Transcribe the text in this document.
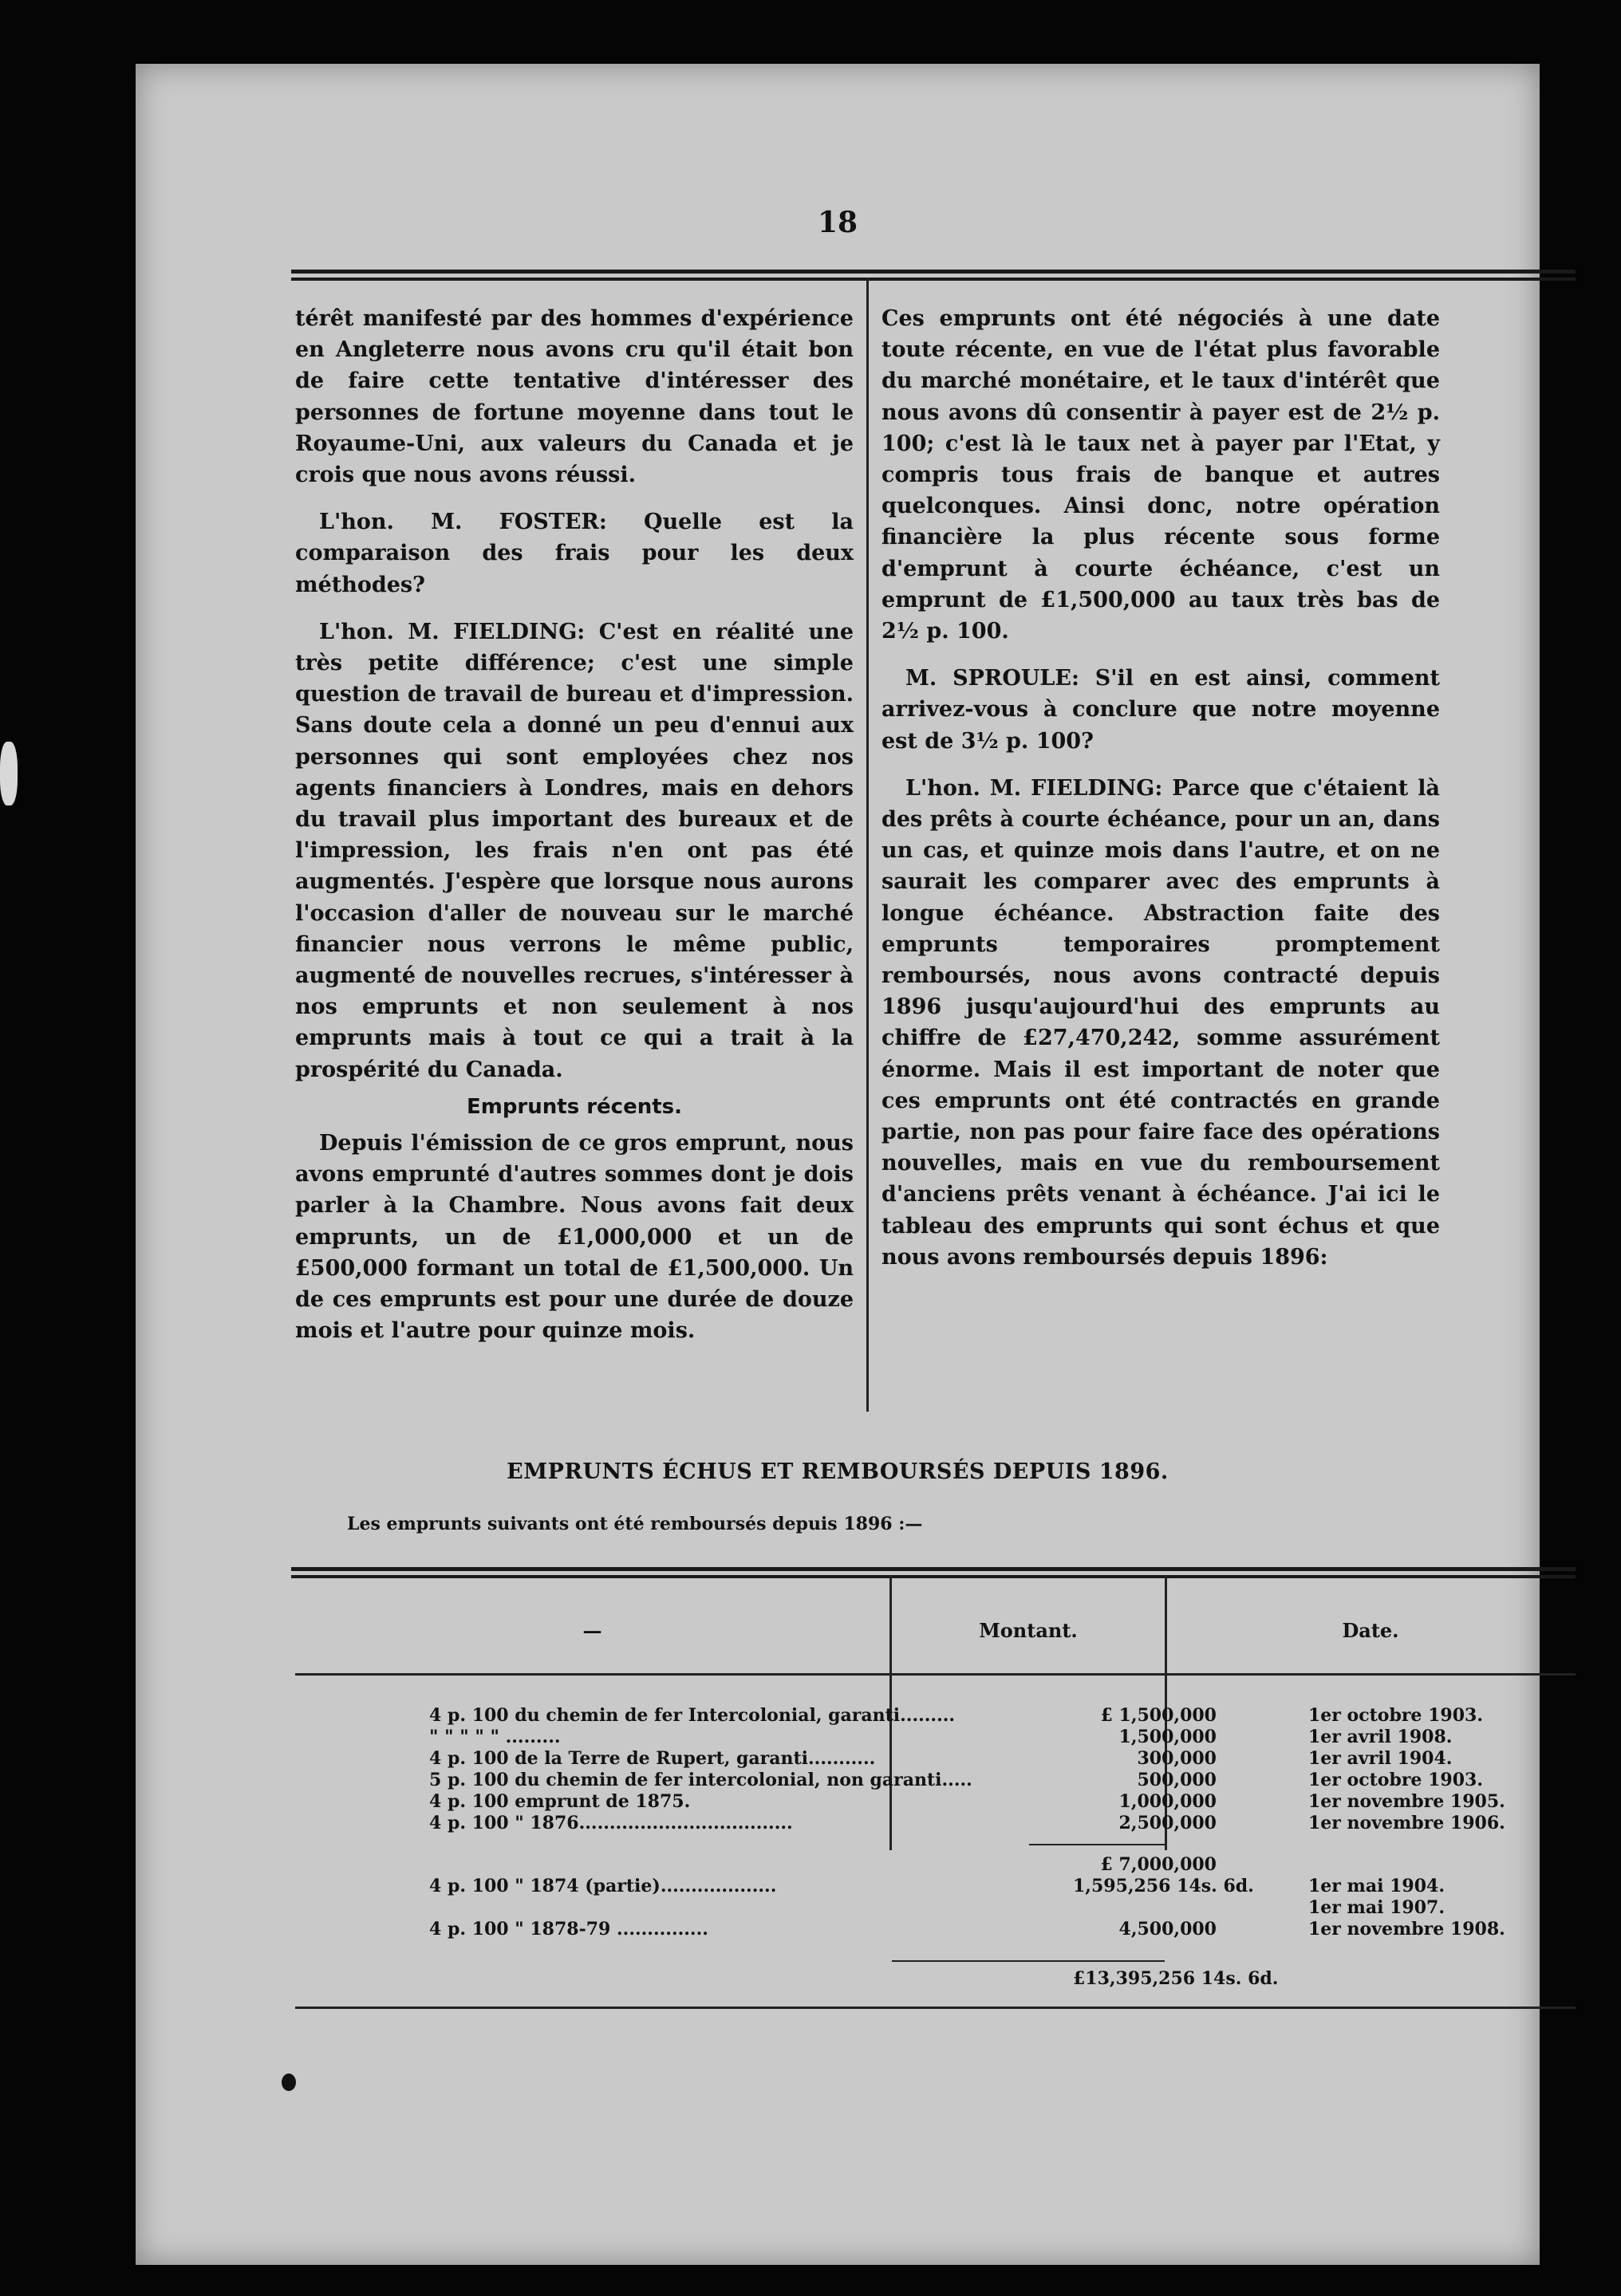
18

térêt manifesté par des hommes d'expérience en Angleterre nous avons cru qu'il était bon de faire cette tentative d'intéresser des personnes de fortune moyenne dans tout le Royaume-Uni, aux valeurs du Canada et je crois que nous avons réussi.

L'hon. M. FOSTER: Quelle est la comparaison des frais pour les deux méthodes?

L'hon. M. FIELDING: C'est en réalité une très petite différence; c'est une simple question de travail de bureau et d'impression. Sans doute cela a donné un peu d'ennui aux personnes qui sont employées chez nos agents financiers à Londres, mais en dehors du travail plus important des bureaux et de l'impression, les frais n'en ont pas été augmentés. J'espère que lorsque nous aurons l'occasion d'aller de nouveau sur le marché financier nous verrons le même public, augmenté de nouvelles recrues, s'intéresser à nos emprunts et non seulement à nos emprunts mais à tout ce qui a trait à la prospérité du Canada.

Emprunts récents.

Depuis l'émission de ce gros emprunt, nous avons emprunté d'autres sommes dont je dois parler à la Chambre. Nous avons fait deux emprunts, un de £1,000,000 et un de £500,000 formant un total de £1,500,000. Un de ces emprunts est pour une durée de douze mois et l'autre pour quinze mois.

Ces emprunts ont été négociés à une date toute récente, en vue de l'état plus favorable du marché monétaire, et le taux d'intérêt que nous avons dû consentir à payer est de 2½ p. 100; c'est là le taux net à payer par l'Etat, y compris tous frais de banque et autres quelconques. Ainsi donc, notre opération financière la plus récente sous forme d'emprunt à courte échéance, c'est un emprunt de £1,500,000 au taux très bas de 2½ p. 100.

M. SPROULE: S'il en est ainsi, comment arrivez-vous à conclure que notre moyenne est de 3½ p. 100?

L'hon. M. FIELDING: Parce que c'étaient là des prêts à courte échéance, pour un an, dans un cas, et quinze mois dans l'autre, et on ne saurait les comparer avec des emprunts à longue échéance. Abstraction faite des emprunts temporaires promptement remboursés, nous avons contracté depuis 1896 jusqu'aujourd'hui des emprunts au chiffre de £27,470,242, somme assurément énorme. Mais il est important de noter que ces emprunts ont été contractés en grande partie, non pas pour faire face des opérations nouvelles, mais en vue du remboursement d'anciens prêts venant à échéance. J'ai ici le tableau des emprunts qui sont échus et que nous avons remboursés depuis 1896:

EMPRUNTS ÉCHUS ET REMBOURSÉS DEPUIS 1896.
Les emprunts suivants ont été remboursés depuis 1896 :—
—	Montant.	Date.
4 p. 100 du chemin de fer Intercolonial, garanti.........	£ 1,500,000	1er octobre 1903.
" " " " " .........	1,500,000	1er avril 1908.
4 p. 100 de la Terre de Rupert, garanti...........	300,000	1er avril 1904.
5 p. 100 du chemin de fer intercolonial, non garanti.....	500,000	1er octobre 1903.
4 p. 100 emprunt de 1875.	1,000,000	1er novembre 1905.
4 p. 100 " 1876...................................	2,500,000	1er novembre 1906.
£ 7,000,000
4 p. 100 " 1874 (partie)...................	1,595,256 14s. 6d.	1er mai 1904.
1er mai 1907.
4 p. 100 " 1878-79 ...............	4,500,000	1er novembre 1908.
£13,395,256 14s. 6d.
